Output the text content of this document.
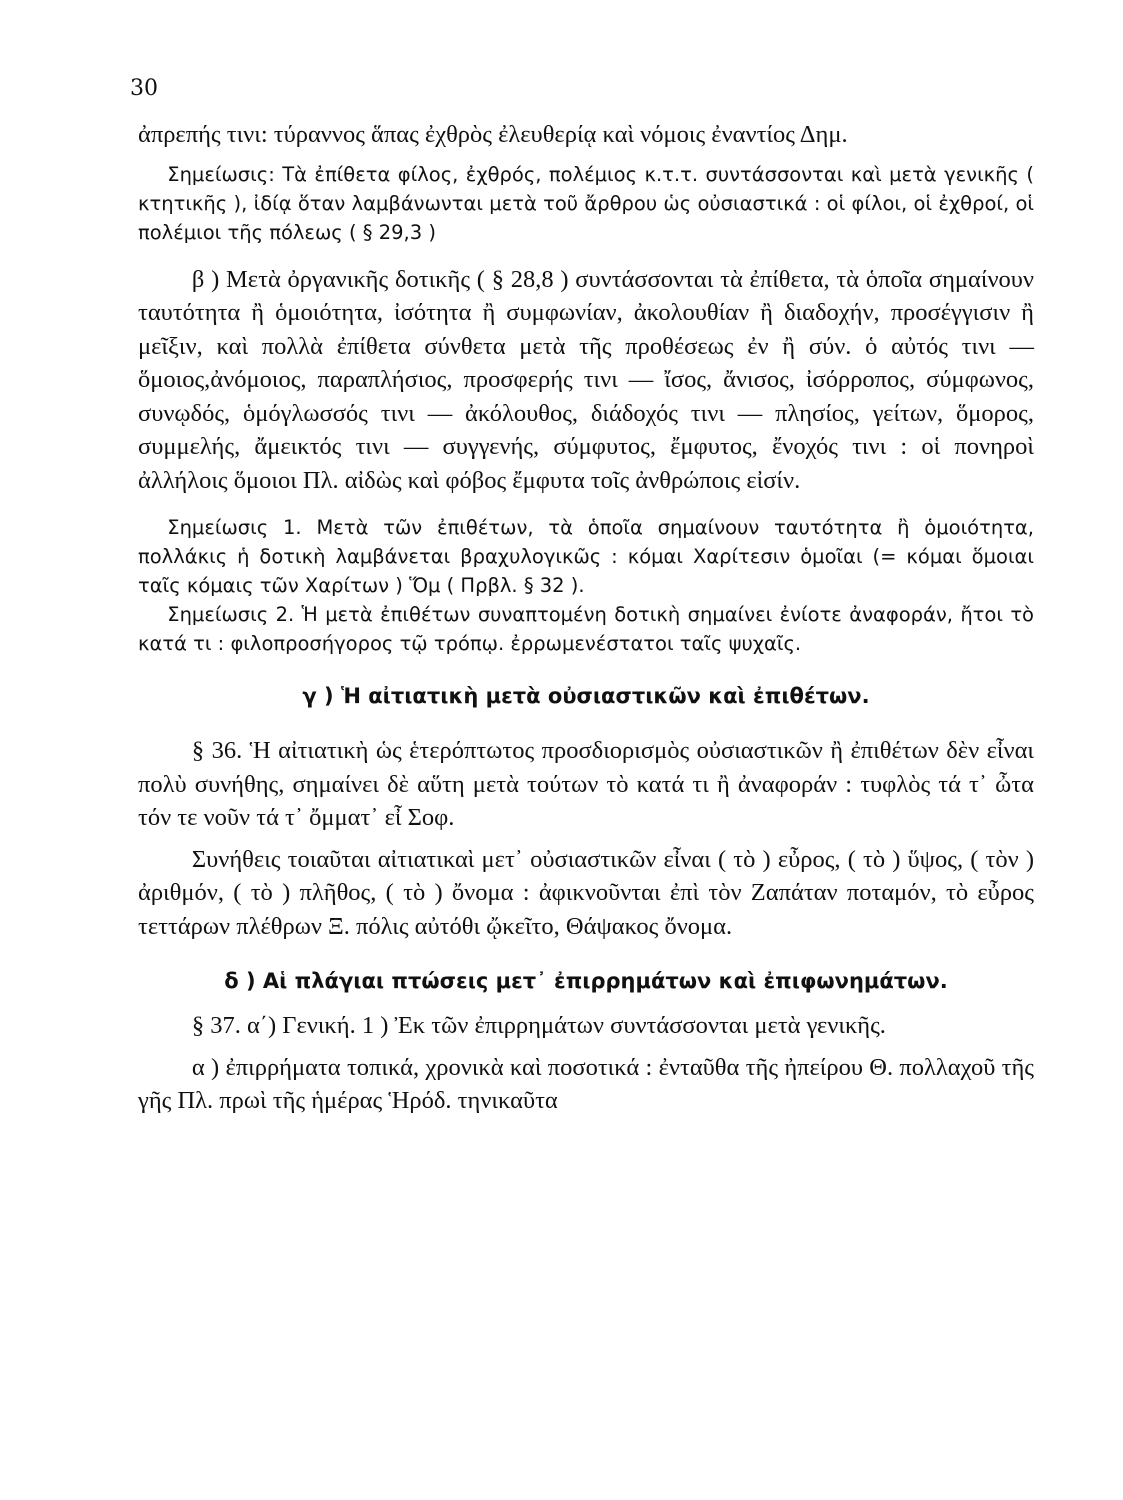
30

ἀπρεπής τινι: τύραννος ἅπας ἐχθρὸς ἐλευθερίᾳ καὶ νόμοις ἐναντίος Δημ.

Σημείωσις: Τὰ ἐπίθετα φίλος, ἐχθρός, πολέμιος κ.τ.τ. συντάσσονται καὶ μετὰ γενικῆς ( κτητικῆς ), ἰδίᾳ ὅταν λαμβάνωνται μετὰ τοῦ ἄρθρου ὡς οὐσιαστικά : οἱ φίλοι, οἱ ἐχθροί, οἱ πολέμιοι τῆς πόλεως ( § 29,3 )

β ) Μετὰ ὀργανικῆς δοτικῆς ( § 28,8 ) συντάσσονται τὰ ἐπίθετα, τὰ ὁποῖα σημαίνουν ταυτότητα ἢ ὁμοιότητα, ἰσότητα ἢ συμφωνίαν, ἀκολουθίαν ἢ διαδοχήν, προσέγγισιν ἢ μεῖξιν, καὶ πολλὰ ἐπίθετα σύνθετα μετὰ τῆς προθέσεως ἐν ἢ σύν. ὁ αὐτός τινι — ὅμοιος,ἀνόμοιος, παραπλήσιος, προσφερής τινι — ἴσος, ἄνισος, ἰσόρροπος, σύμφωνος, συνῳδός, ὁμόγλωσσός τινι — ἀκόλουθος, διάδοχός τινι — πλησίος, γείτων, ὅμορος, συμμελής, ἄμεικτός τινι — συγγενής, σύμφυτος, ἔμφυτος, ἔνοχός τινι : οἱ πονηροὶ ἀλλήλοις ὅμοιοι Πλ. αἰδὼς καὶ φόβος ἔμφυτα τοῖς ἀνθρώποις εἰσίν.

Σημείωσις 1. Μετὰ τῶν ἐπιθέτων, τὰ ὁποῖα σημαίνουν ταυτότητα ἢ ὁμοιότητα, πολλάκις ἡ δοτικὴ λαμβάνεται βραχυλογικῶς : κόμαι Χαρίτεσιν ὁμοῖαι (= κόμαι ὅμοιαι ταῖς κόμαις τῶν Χαρίτων ) Ὅμ ( Πρβλ. § 32 ).

Σημείωσις 2. Ἡ μετὰ ἐπιθέτων συναπτομένη δοτικὴ σημαίνει ἐνίοτε ἀναφοράν, ἤτοι τὸ κατά τι : φιλοπροσήγορος τῷ τρόπῳ. ἐρρωμενέστατοι ταῖς ψυχαῖς.

γ ) Ἡ αἰτιατικὴ μετὰ οὐσιαστικῶν καὶ ἐπιθέτων.

§ 36. Ἡ αἰτιατικὴ ὡς ἑτερόπτωτος προσδιορισμὸς οὐσιαστικῶν ἢ ἐπιθέτων δὲν εἶναι πολὺ συνήθης, σημαίνει δὲ αὕτη μετὰ τούτων τὸ κατά τι ἢ ἀναφοράν : τυφλὸς τά τ᾽ ὦτα τόν τε νοῦν τά τ᾽ ὄμματ᾽ εἶ Σοφ.

Συνήθεις τοιαῦται αἰτιατικαὶ μετ᾽ οὐσιαστικῶν εἶναι ( τὸ ) εὖρος, ( τὸ ) ὕψος, ( τὸν ) ἀριθμόν, ( τὸ ) πλῆθος, ( τὸ ) ὄνομα : ἀφικνοῦνται ἐπὶ τὸν Ζαπάταν ποταμόν, τὸ εὖρος τεττάρων πλέθρων Ξ. πόλις αὐτόθι ᾤκεῖτο, Θάψακος ὄνομα.

δ ) Αἱ πλάγιαι πτώσεις μετ᾽ ἐπιρρημάτων καὶ ἐπιφωνημάτων.

§ 37. α΄) Γενική. 1 ) Ἐκ τῶν ἐπιρρημάτων συντάσσονται μετὰ γενικῆς.

α ) ἐπιρρήματα τοπικά, χρονικὰ καὶ ποσοτικά : ἐνταῦθα τῆς ἠπείρου Θ. πολλαχοῦ τῆς γῆς Πλ. πρωὶ τῆς ἡμέρας Ἡρόδ. τηνικαῦτα
